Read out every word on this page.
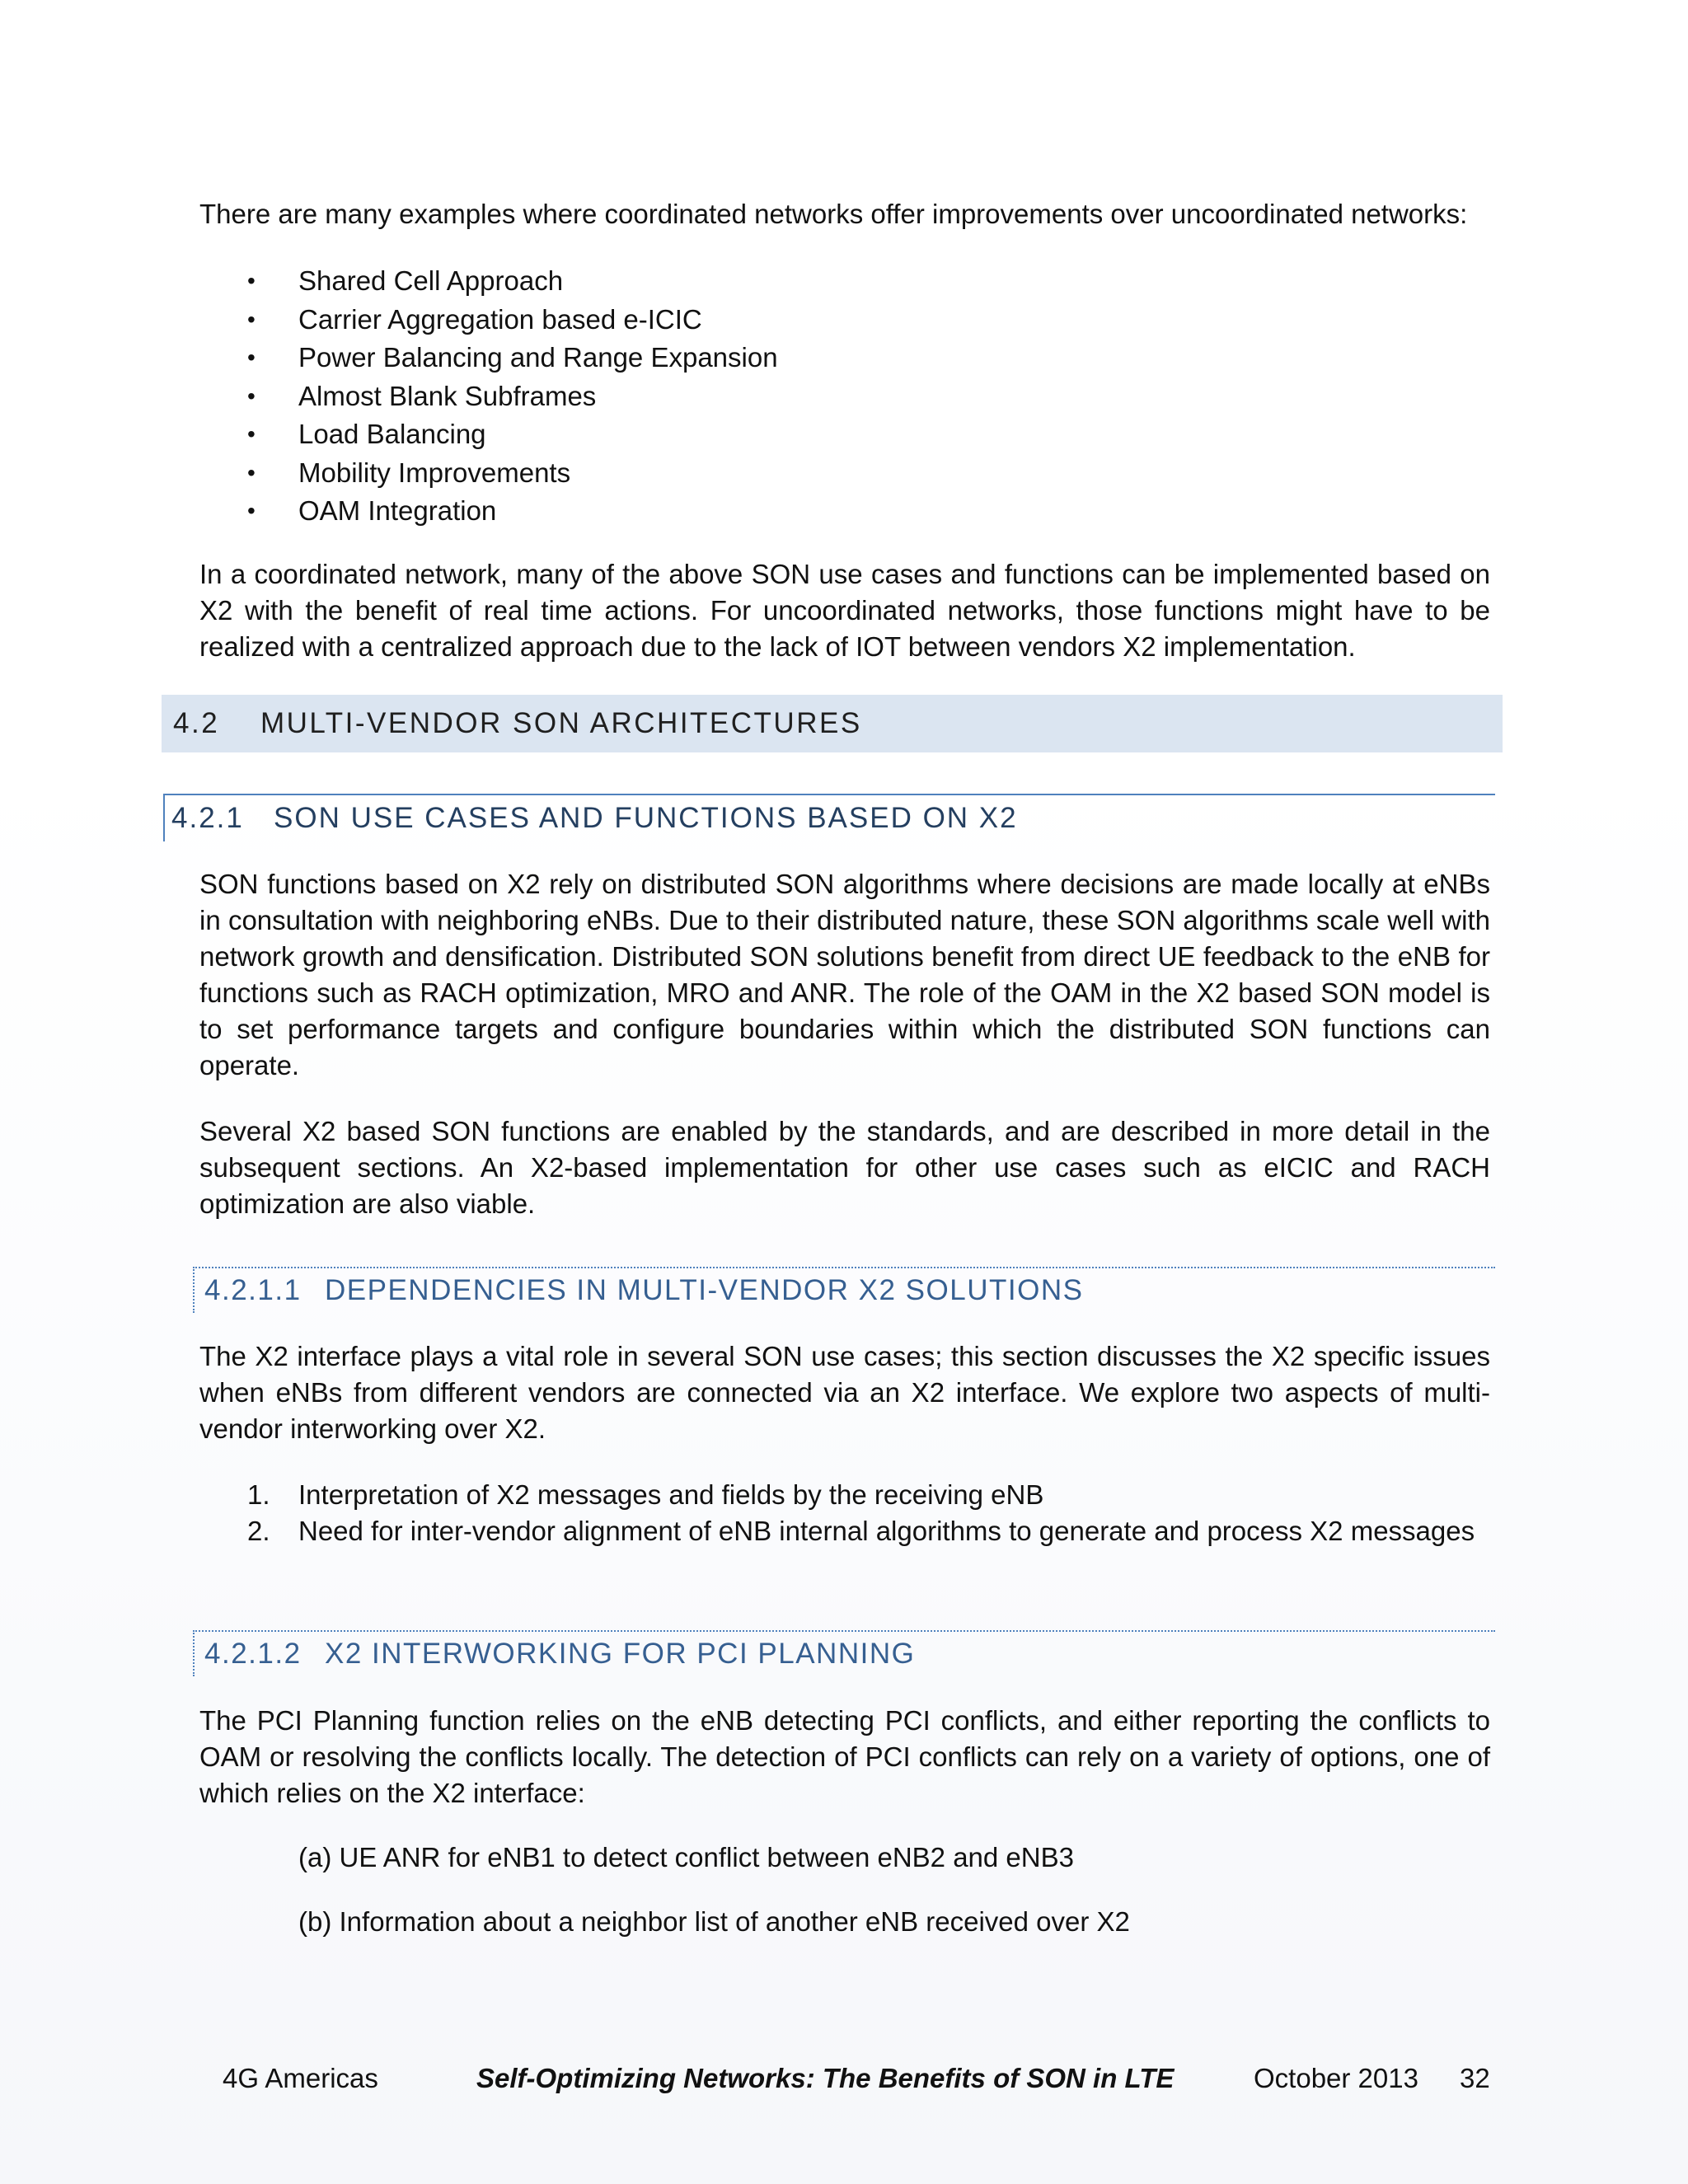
There are many examples where coordinated networks offer improvements over uncoordinated networks:

• Shared Cell Approach
• Carrier Aggregation based e-ICIC
• Power Balancing and Range Expansion
• Almost Blank Subframes
• Load Balancing
• Mobility Improvements
• OAM Integration

In a coordinated network, many of the above SON use cases and functions can be implemented based on X2 with the benefit of real time actions. For uncoordinated networks, those functions might have to be realized with a centralized approach due to the lack of IOT between vendors X2 implementation.

4.2	MULTI-VENDOR SON ARCHITECTURES
4.2.1	SON USE CASES AND FUNCTIONS BASED ON X2

SON functions based on X2 rely on distributed SON algorithms where decisions are made locally at eNBs in consultation with neighboring eNBs. Due to their distributed nature, these SON algorithms scale well with network growth and densification. Distributed SON solutions benefit from direct UE feedback to the eNB for functions such as RACH optimization, MRO and ANR. The role of the OAM in the X2 based SON model is to set performance targets and configure boundaries within which the distributed SON functions can operate.

Several X2 based SON functions are enabled by the standards, and are described in more detail in the subsequent sections. An X2-based implementation for other use cases such as eICIC and RACH optimization are also viable.

4.2.1.1 DEPENDENCIES IN MULTI-VENDOR X2 SOLUTIONS

The X2 interface plays a vital role in several SON use cases; this section discusses the X2 specific issues when eNBs from different vendors are connected via an X2 interface. We explore two aspects of multi-vendor interworking over X2.

1. Interpretation of X2 messages and fields by the receiving eNB
2. Need for inter-vendor alignment of eNB internal algorithms to generate and process X2 messages
4.2.1.2 X2 INTERWORKING FOR PCI PLANNING

The PCI Planning function relies on the eNB detecting PCI conflicts, and either reporting the conflicts to OAM or resolving the conflicts locally. The detection of PCI conflicts can rely on a variety of options, one of which relies on the X2 interface:

(a) UE ANR for eNB1 to detect conflict between eNB2 and eNB3

(b) Information about a neighbor list of another eNB received over X2

4G Americas	Self-Optimizing Networks: The Benefits of SON in LTE	October 2013 32
